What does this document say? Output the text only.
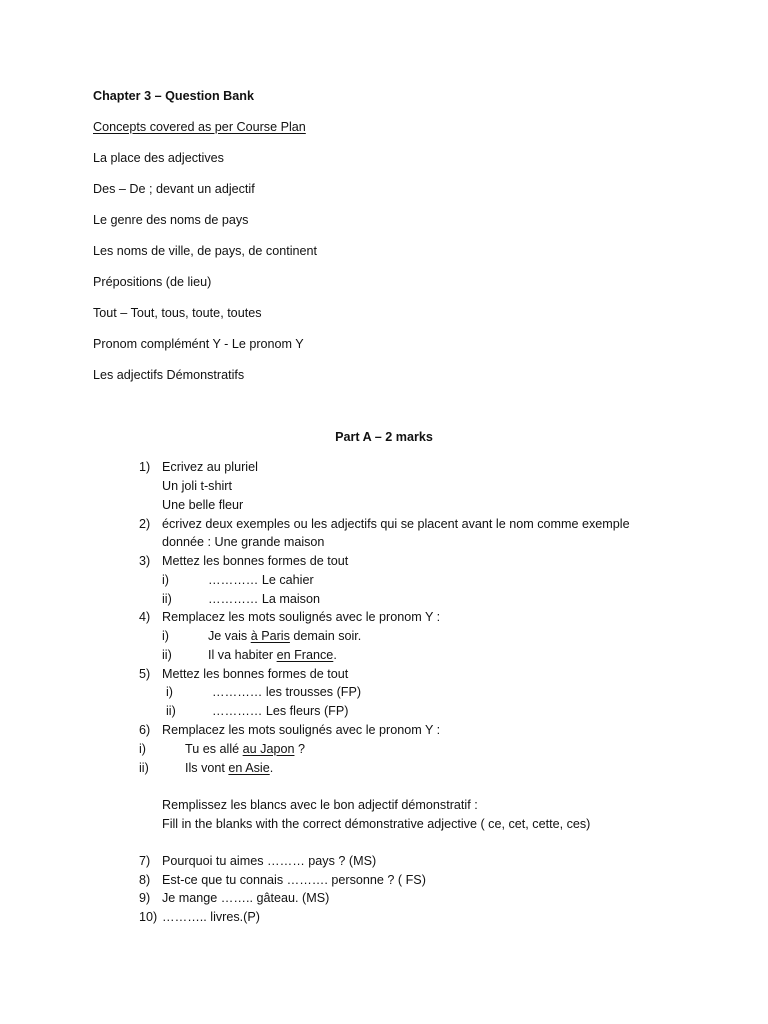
Chapter 3 – Question Bank
Concepts covered as per Course Plan
La place des adjectives
Des – De ; devant un adjectif
Le genre des noms de pays
Les noms de ville, de pays, de continent
Prépositions (de lieu)
Tout – Tout, tous, toute, toutes
Pronom complémént Y - Le pronom Y
Les adjectifs Démonstratifs
Part A – 2 marks
1) Ecrivez au pluriel
Un joli t-shirt
Une belle fleur
2) écrivez deux exemples ou les adjectifs qui se placent avant le nom comme exemple
donnée : Une grande maison
3) Mettez les bonnes formes de tout
i)	………… Le cahier
ii)	………… La maison
4) Remplacez les mots soulignés avec le pronom Y :
i)	Je vais à Paris demain soir.
ii)	Il va habiter en France.
5) Mettez les bonnes formes de tout
i)	………… les trousses (FP)
ii)	………… Les fleurs (FP)
6) Remplacez les mots soulignés avec le pronom Y :
i)	Tu es allé au Japon ?
ii)	Ils vont en Asie.
Remplissez les blancs avec le bon adjectif démonstratif :
Fill in the blanks with the correct démonstrative adjective ( ce, cet, cette, ces)
7) Pourquoi tu aimes ……… pays ? (MS)
8) Est-ce que tu connais ………. personne ? ( FS)
9) Je mange …….. gâteau. (MS)
10) ……….. livres.(P)
